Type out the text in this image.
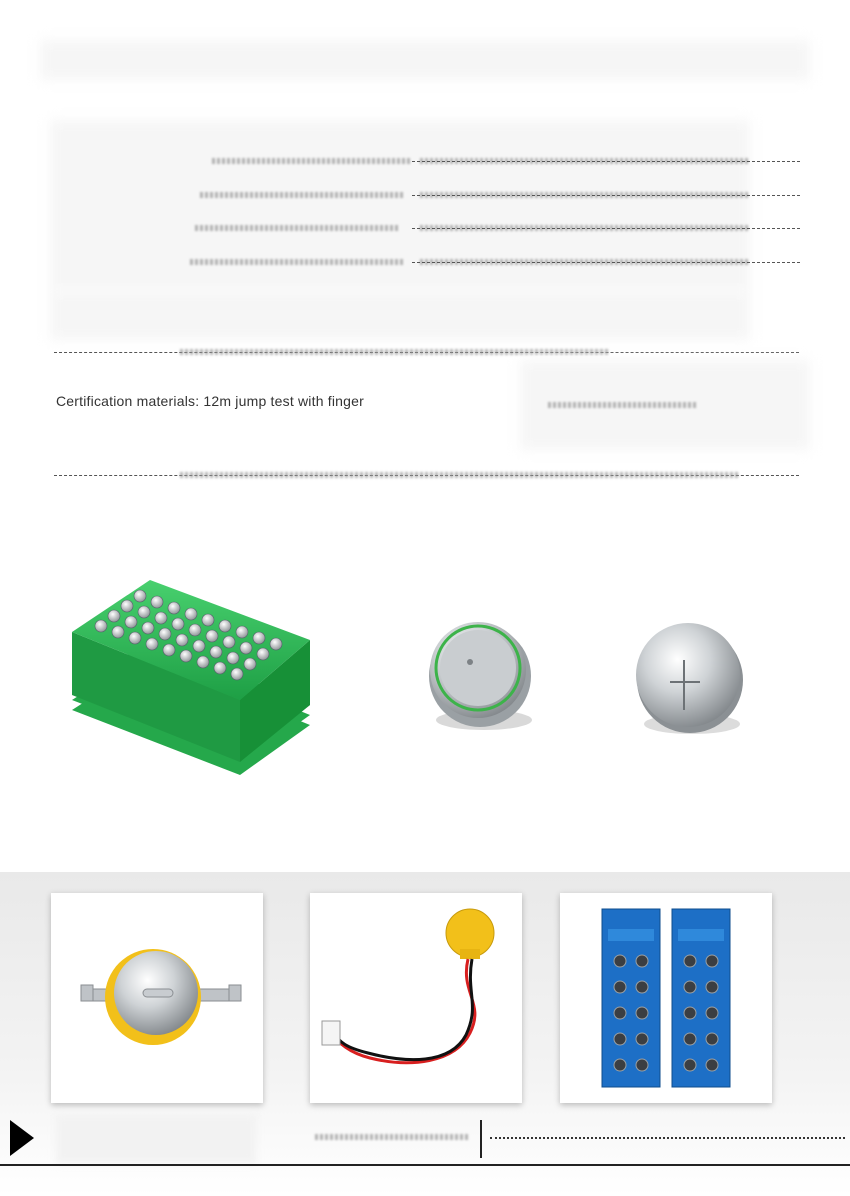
Certification materials: 12m jump test with finger
